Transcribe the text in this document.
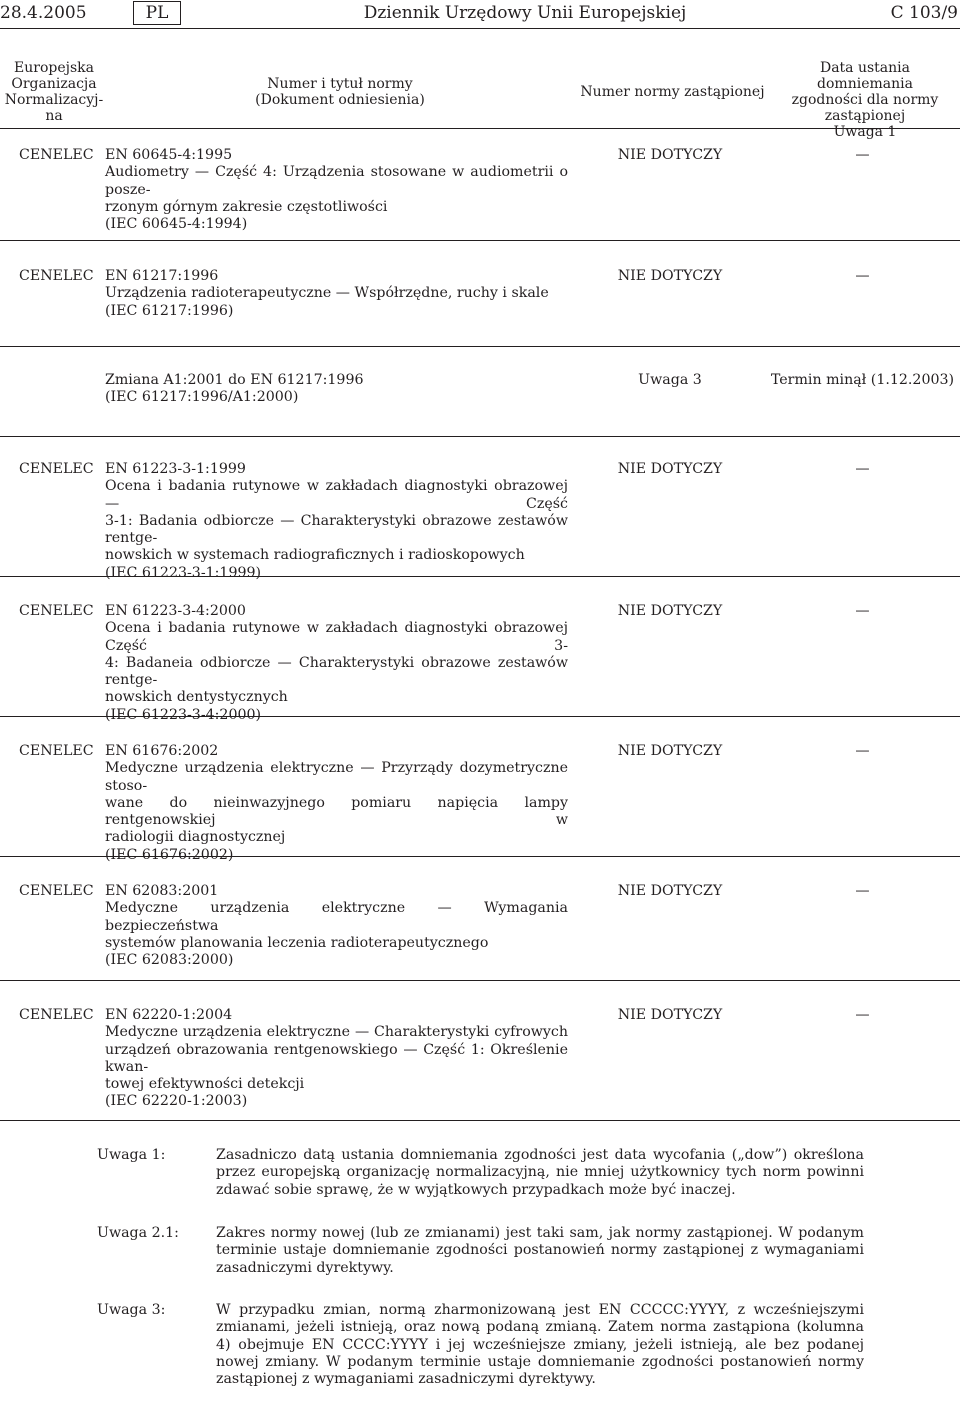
28.4.2005	PL	Dziennik Urzędowy Unii Europejskiej	C 103/9
Europejska
Organizacja
Normalizacyj-
na
Numer i tytuł normy
(Dokument odniesienia)	Numer normy zastąpionej
Data ustania domniemania
zgodności dla normy
zastąpionej
Uwaga 1
CENELEC EN 60645-4:1995
Audiometry — Część 4: Urządzenia stosowane w audiometrii o posze-
rzonym górnym zakresie częstotliwości
(IEC 60645-4:1994)
NIE DOTYCZY	—
CENELEC EN 61217:1996
Urządzenia radioterapeutyczne — Współrzędne, ruchy i skale
(IEC 61217:1996)
NIE DOTYCZY	—
Zmiana A1:2001 do EN 61217:1996
(IEC 61217:1996/A1:2000)
Uwaga 3	Termin minął (1.12.2003)
CENELEC EN 61223-3-1:1999
Ocena i badania rutynowe w zakładach diagnostyki obrazowej — Część
3-1: Badania odbiorcze — Charakterystyki obrazowe zestawów rentge-
nowskich w systemach radiograficznych i radioskopowych
(IEC 61223-3-1:1999)
NIE DOTYCZY	—
CENELEC EN 61223-3-4:2000
Ocena i badania rutynowe w zakładach diagnostyki obrazowej Część 3-
4: Badaneia odbiorcze — Charakterystyki obrazowe zestawów rentge-
nowskich dentystycznych
(IEC 61223-3-4:2000)
NIE DOTYCZY	—
CENELEC EN 61676:2002
Medyczne urządzenia elektryczne — Przyrządy dozymetryczne stoso-
wane do nieinwazyjnego pomiaru napięcia lampy rentgenowskiej w
radiologii diagnostycznej
(IEC 61676:2002)
NIE DOTYCZY	—
CENELEC EN 62083:2001
Medyczne urządzenia elektryczne — Wymagania bezpieczeństwa
systemów planowania leczenia radioterapeutycznego
(IEC 62083:2000)
NIE DOTYCZY	—
CENELEC EN 62220-1:2004
Medyczne urządzenia elektryczne — Charakterystyki cyfrowych
urządzeń obrazowania rentgenowskiego — Część 1: Określenie kwan-
towej efektywności detekcji
(IEC 62220-1:2003)
NIE DOTYCZY	—
Uwaga 1:	Zasadniczo datą ustania domniemania zgodności jest data wycofania („dow”) określona
przez europejską organizację normalizacyjną, nie mniej użytkownicy tych norm powinni
zdawać sobie sprawę, że w wyjątkowych przypadkach może być inaczej.
Uwaga 2.1:	Zakres normy nowej (lub ze zmianami) jest taki sam, jak normy zastąpionej. W podanym
terminie ustaje domniemanie zgodności postanowień normy zastąpionej z wymaganiami
zasadniczymi dyrektywy.
Uwaga 3:	W przypadku zmian, normą zharmonizowaną jest EN CCCCC:YYYY, z wcześniejszymi
zmianami, jeżeli istnieją, oraz nową podaną zmianą. Zatem norma zastąpiona (kolumna
4) obejmuje EN CCCC:YYYY i jej wcześniejsze zmiany, jeżeli istnieją, ale bez podanej
nowej zmiany. W podanym terminie ustaje domniemanie zgodności postanowień normy
zastąpionej z wymaganiami zasadniczymi dyrektywy.
